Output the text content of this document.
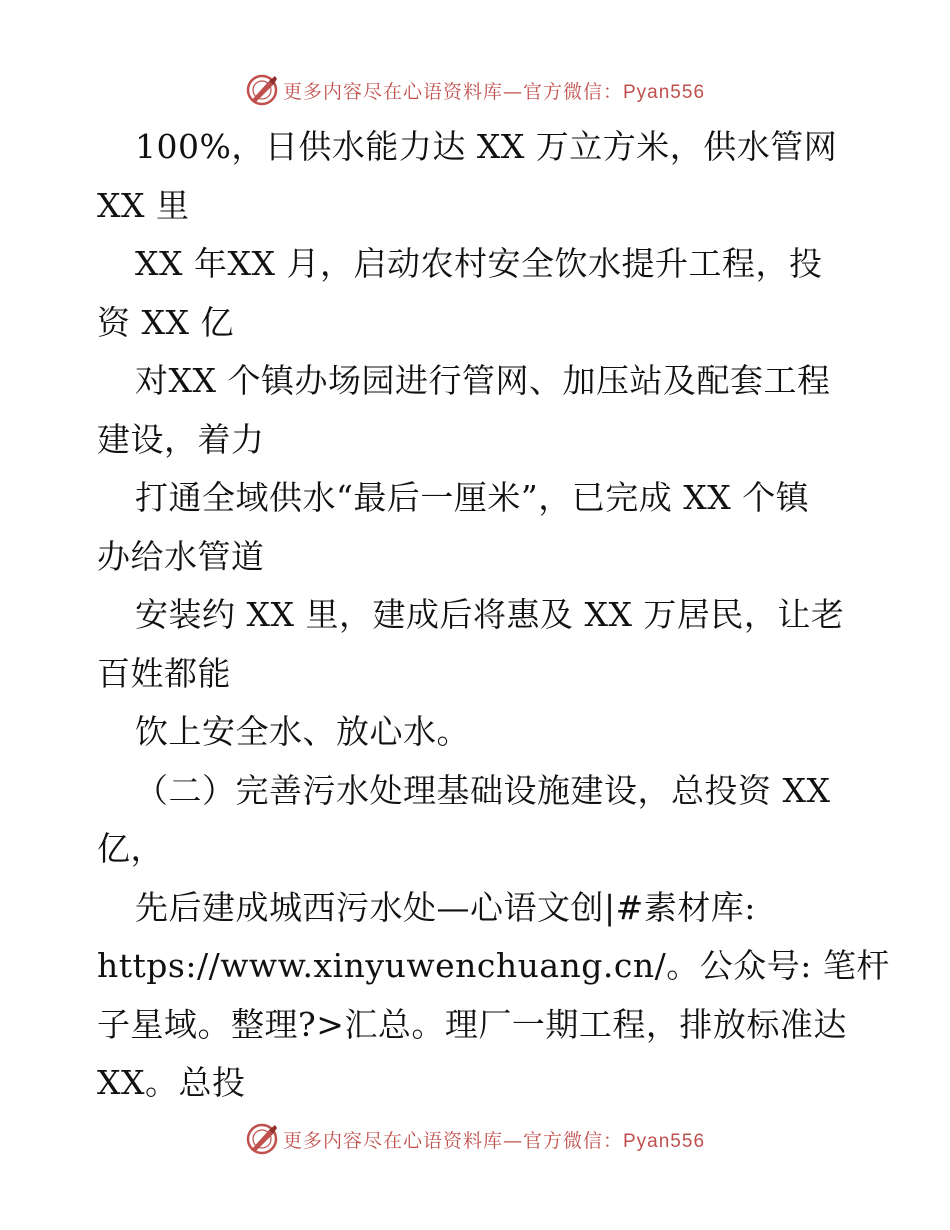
更多内容尽在心语资料库—官方微信：Pyan556
100%，日供水能力达 XX 万立方米，供水管网
XX 里
XX 年XX 月，启动农村安全饮水提升工程，投
资 XX 亿
对XX 个镇办场园进行管网、加压站及配套工程
建设，着力
打通全域供水“最后一厘米”，已完成 XX 个镇
办给水管道
安装约 XX 里，建成后将惠及 XX 万居民，让老
百姓都能
饮上安全水、放心水。
（二）完善污水处理基础设施建设，总投资 XX
亿，
先后建成城西污水处—心语文创|#素材库:
https://www.xinyuwenchuang.cn/。公众号: 笔杆
子星域。整理?>汇总。理厂一期工程，排放标准达
XX。总投
更多内容尽在心语资料库—官方微信：Pyan556
